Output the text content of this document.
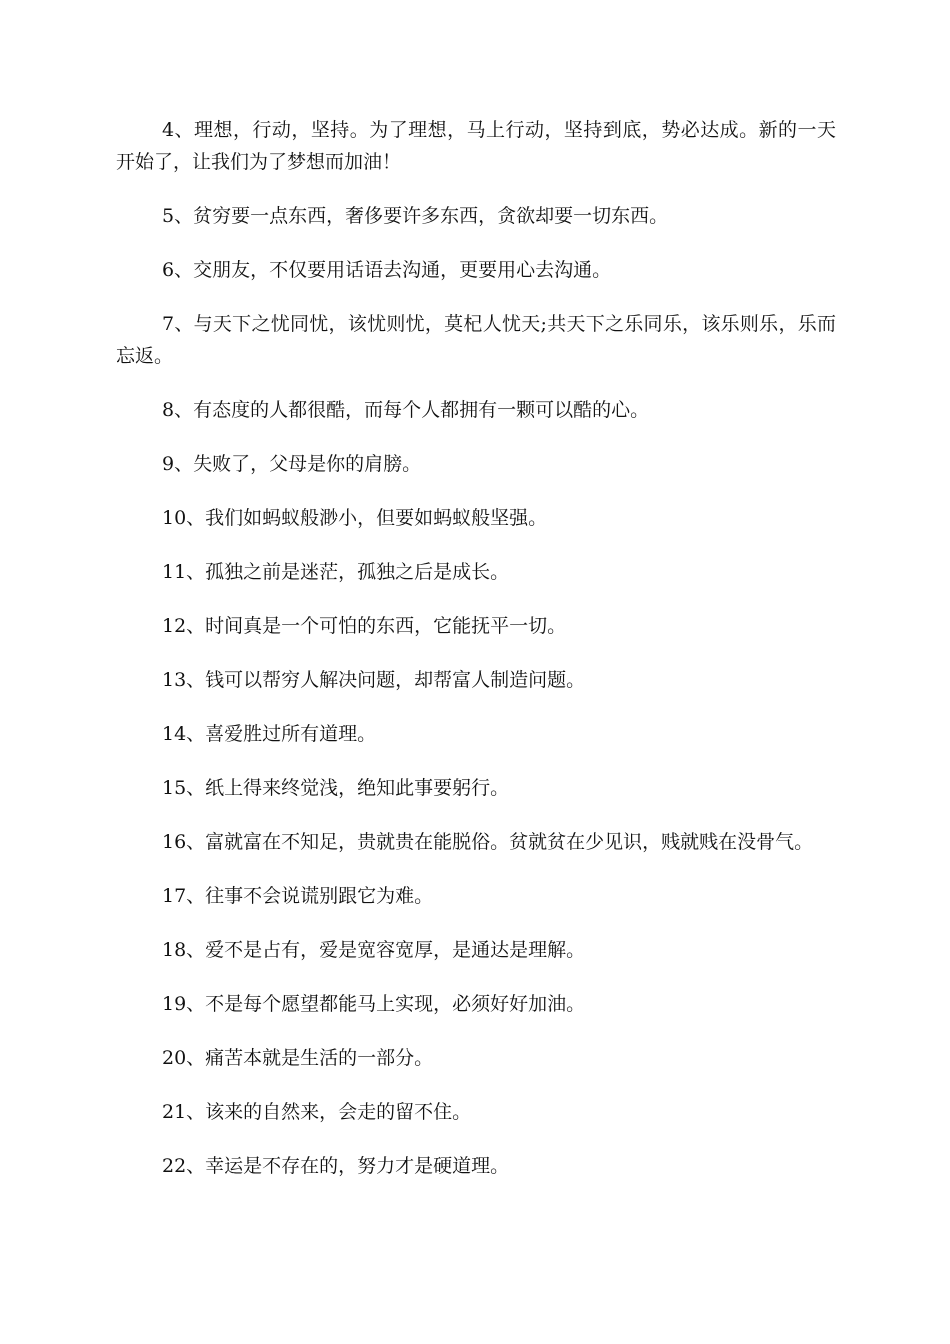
4、理想，行动，坚持。为了理想，马上行动，坚持到底，势必达成。新的一天开始了，让我们为了梦想而加油！

5、贫穷要一点东西，奢侈要许多东西，贪欲却要一切东西。

6、交朋友，不仅要用话语去沟通，更要用心去沟通。

7、与天下之忧同忧，该忧则忧，莫杞人忧天;共天下之乐同乐，该乐则乐，乐而忘返。

8、有态度的人都很酷，而每个人都拥有一颗可以酷的心。

9、失败了，父母是你的肩膀。

10、我们如蚂蚁般渺小，但要如蚂蚁般坚强。

11、孤独之前是迷茫，孤独之后是成长。

12、时间真是一个可怕的东西，它能抚平一切。

13、钱可以帮穷人解决问题，却帮富人制造问题。

14、喜爱胜过所有道理。

15、纸上得来终觉浅，绝知此事要躬行。

16、富就富在不知足，贵就贵在能脱俗。贫就贫在少见识，贱就贱在没骨气。

17、往事不会说谎别跟它为难。

18、爱不是占有，爱是宽容宽厚，是通达是理解。

19、不是每个愿望都能马上实现，必须好好加油。

20、痛苦本就是生活的一部分。

21、该来的自然来，会走的留不住。

22、幸运是不存在的，努力才是硬道理。
